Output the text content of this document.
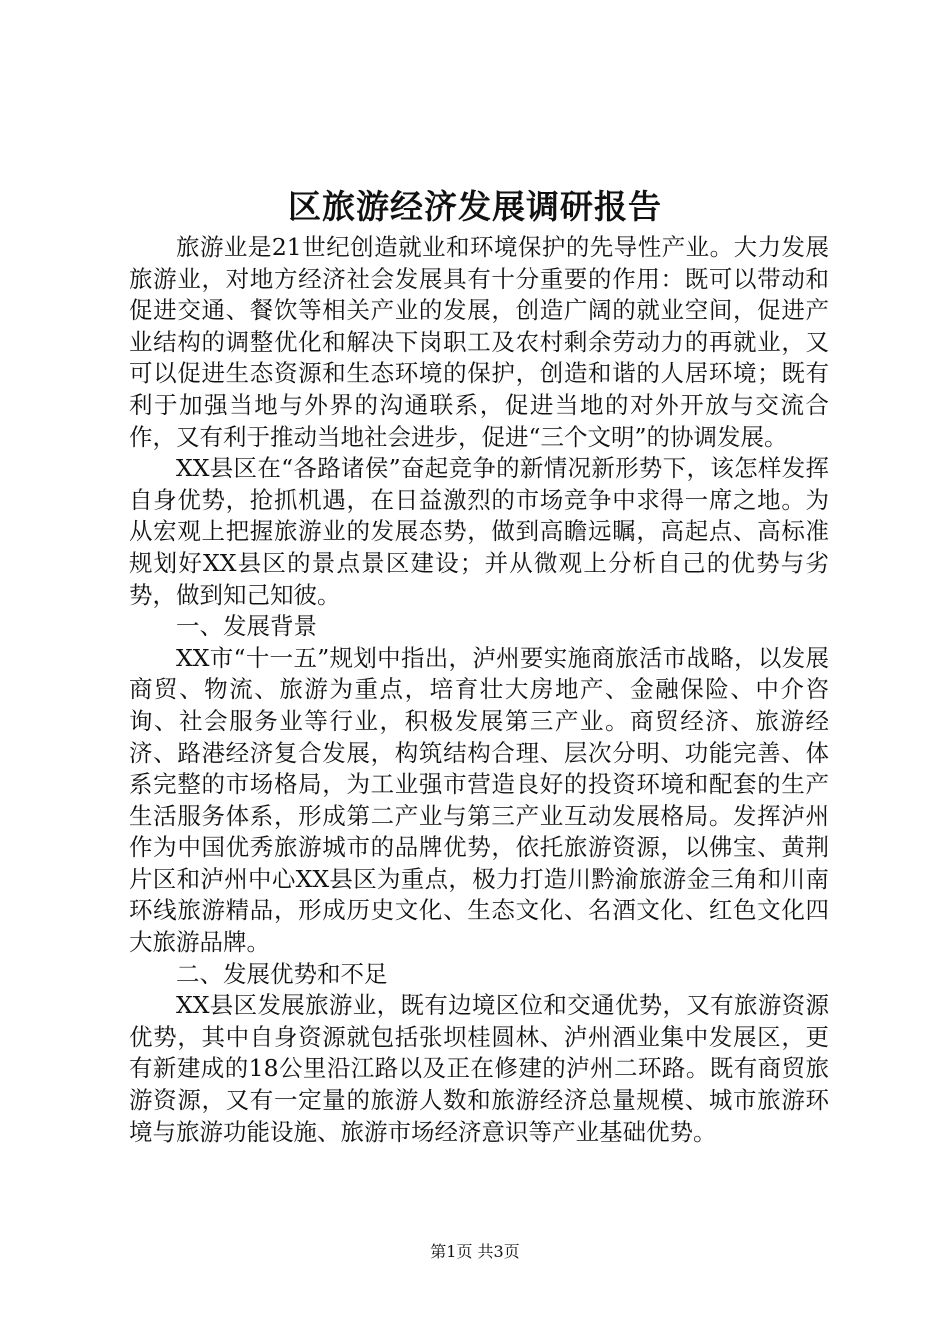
区旅游经济发展调研报告

旅游业是21世纪创造就业和环境保护的先导性产业。大力发展旅游业，对地方经济社会发展具有十分重要的作用：既可以带动和促进交通、餐饮等相关产业的发展，创造广阔的就业空间，促进产业结构的调整优化和解决下岗职工及农村剩余劳动力的再就业，又可以促进生态资源和生态环境的保护，创造和谐的人居环境；既有利于加强当地与外界的沟通联系，促进当地的对外开放与交流合作，又有利于推动当地社会进步，促进“三个文明”的协调发展。

XX县区在“各路诸侯”奋起竞争的新情况新形势下，该怎样发挥自身优势，抢抓机遇，在日益激烈的市场竞争中求得一席之地。为从宏观上把握旅游业的发展态势，做到高瞻远瞩，高起点、高标准规划好XX县区的景点景区建设；并从微观上分析自己的优势与劣势，做到知己知彼。

一、发展背景

XX市“十一五”规划中指出，泸州要实施商旅活市战略，以发展商贸、物流、旅游为重点，培育壮大房地产、金融保险、中介咨询、社会服务业等行业，积极发展第三产业。商贸经济、旅游经济、路港经济复合发展，构筑结构合理、层次分明、功能完善、体系完整的市场格局，为工业强市营造良好的投资环境和配套的生产生活服务体系，形成第二产业与第三产业互动发展格局。发挥泸州作为中国优秀旅游城市的品牌优势，依托旅游资源，以佛宝、黄荆片区和泸州中心XX县区为重点，极力打造川黔渝旅游金三角和川南环线旅游精品，形成历史文化、生态文化、名酒文化、红色文化四大旅游品牌。

二、发展优势和不足

XX县区发展旅游业，既有边境区位和交通优势，又有旅游资源优势，其中自身资源就包括张坝桂圆林、泸州酒业集中发展区，更有新建成的18公里沿江路以及正在修建的泸州二环路。既有商贸旅游资源，又有一定量的旅游人数和旅游经济总量规模、城市旅游环境与旅游功能设施、旅游市场经济意识等产业基础优势。

第1页 共3页
